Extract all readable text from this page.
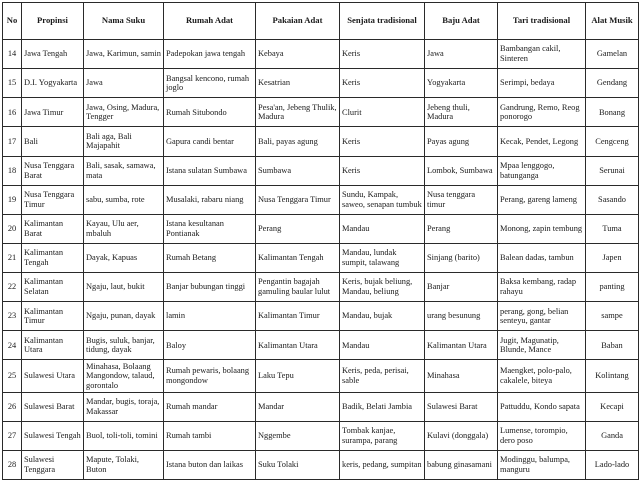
No	Propinsi	Nama Suku	Rumah Adat	Pakaian Adat	Senjata tradisional	Baju Adat	Tari tradisional	Alat Musik
14	Jawa Tengah	Jawa, Karimun, samin	Padepokan jawa tengah	Kebaya	Keris	Jawa	Bambangan cakil, Sinteren	Gamelan
15	D.I. Yogyakarta	Jawa	Bangsal kencono, rumah joglo	Kesatrian	Keris	Yogyakarta	Serimpi, bedaya	Gendang
16	Jawa Timur	Jawa, Osing, Madura, Tengger	Rumah Situbondo	Pesa'an, Jebeng Thulik, Madura	Clurit	Jebeng thuli, Madura	Gandrung, Remo, Reog ponorogo	Bonang
17	Bali	Bali aga, Bali Majapahit	Gapura candi bentar	Bali, payas agung	Keris	Payas agung	Kecak, Pendet, Legong	Cengceng
18	Nusa Tenggara Barat	Bali, sasak, samawa, mata	Istana sulatan Sumbawa	Sumbawa	Keris	Lombok, Sumbawa	Mpaa lenggogo, batunganga	Serunai
19	Nusa Tenggara Timur	sabu, sumba, rote	Musalaki, rabaru niang	Nusa Tenggara Timur	Sundu, Kampak, saweo, senapan tumbuk	Nusa tenggara timur	Perang, gareng lameng	Sasando
20	Kalimantan Barat	Kayau, Ulu aer, mbaluh	Istana kesultanan Pontianak	Perang	Mandau	Perang	Monong, zapin tembung	Tuma
21	Kalimantan Tengah	Dayak, Kapuas	Rumah Betang	Kalimantan Tengah	Mandau, lundak sumpit, talawang	Sinjang (barito)	Balean dadas, tambun	Japen
22	Kalimantan Selatan	Ngaju, laut, bukit	Banjar bubungan tinggi	Pengantin bagajah gamuling baular lulut	Keris, bujak beliung, Mandau, beliung	Banjar	Baksa kembang, radap rahayu	panting
23	Kalimantan Timur	Ngaju, punan, dayak	lamin	Kalimantan Timur	Mandau, bujak	urang besunung	perang, gong, belian senteyu, gantar	sampe
24	Kalimantan Utara	Bugis, suluk, banjar, tidung, dayak	Baloy	Kalimantan Utara	Mandau	Kalimantan Utara	Jugit, Magunatip, Blunde, Mance	Baban
25	Sulawesi Utara	Minahasa, Bolaang Mangondow, talaud, gorontalo	Rumah pewaris, bolaang mongondow	Laku Tepu	Keris, peda, perisai, sable	Minahasa	Maengket, polo-palo, cakalele, biteya	Kolintang
26	Sulawesi Barat	Mandar, bugis, toraja, Makassar	Rumah mandar	Mandar	Badik, Belati Jambia	Sulawesi Barat	Pattuddu, Kondo sapata	Kecapi
27	Sulawesi Tengah	Buol, toli-toli, tomini	Rumah tambi	Nggembe	Tombak kanjae, surampa, parang	Kulavi (donggala)	Lumense, torompio, dero poso	Ganda
28	Sulawesi Tenggara	Mapute, Tolaki, Buton	Istana buton dan laikas	Suku Tolaki	keris, pedang, sumpitan	babung ginasamani	Modinggu, balumpa, manguru	Lado-lado
